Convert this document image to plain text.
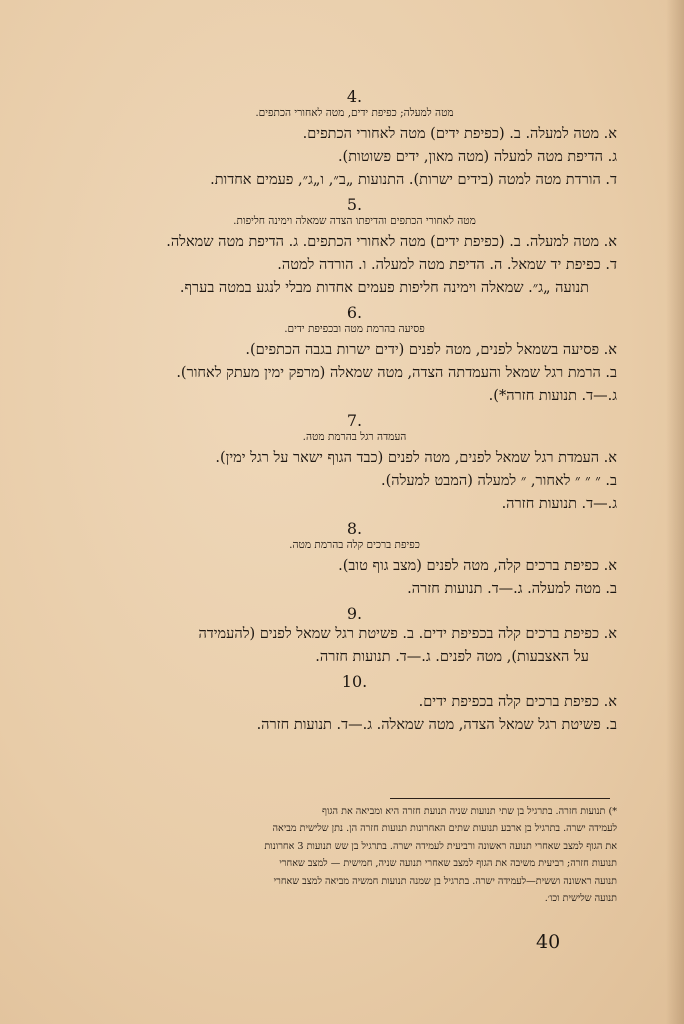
.4
מטה למעלה; כפיפת ידים, מטה לאחורי הכתפים.
א. מטה למעלה. ב. (כפיפת ידים) מטה לאחורי הכתפים.
ג. הדיפת מטה למעלה (מטה מאון, ידים פשוטות).
ד. הורדת מטה למטה (בידים ישרות). התנועות „ב״, ו„ג״, פעמים אחדות.
.5
מטה לאחורי הכתפים והדיפתו הצדה שמאלה וימינה חליפות.
א. מטה למעלה. ב. (כפיפת ידים) מטה לאחורי הכתפים. ג. הדיפת מטה שמאלה.
ד. כפיפת יד שמאל. ה. הדיפת מטה למעלה. ו. הורדה למטה.
תנועה „ג״. שמאלה וימינה חליפות פעמים אחדות מבלי לנגע במטה בערף.
.6
פסיעה בהרמת מטה ובכפיפת ידים.
א. פסיעה בשמאל לפנים, מטה לפנים (ידים ישרות בגבה הכתפים).
ב. הרמת רגל שמאל והעמדתה הצדה, מטה שמאלה (מרפק ימין מעתק לאחור).
ג.—ד. תנועות חזרה*).
.7
העמדה רגל בהרמת מטה.
א. העמדת רגל שמאל לפנים, מטה לפנים (כבד הגוף ישאר על רגל ימין).
ב. ״ ״ ״ לאחור, ״ למעלה (המבט למעלה).
ג.—ד. תנועות חזרה.
.8
כפיפת ברכים קלה בהרמת מטה.
א. כפיפת ברכים קלה, מטה לפנים (מצב גוף טוב).
ב. מטה למעלה. ג.—ד. תנועות חזרה.
.9
א. כפיפת ברכים קלה בכפיפת ידים. ב. פשיטת רגל שמאל לפנים (להעמידה
על האצבעות), מטה לפנים. ג.—ד. תנועות חזרה.
.10
א. כפיפת ברכים קלה בכפיפת ידים.
ב. פשיטת רגל שמאל הצדה, מטה שמאלה. ג.—ד. תנועות חזרה.
*) תנועות חזרה. בתרגיל בן שתי תנועות שניה תנועת חזרה היא ומביאה את הגוף
לעמידה ישרה. בתרגיל בן ארבע תנועות שתים האחרונות תנועות חזרה הן. נתן שלישית מביאה
את הגוף למצב שאחרי תנועה ראשונה ורביעית לעמידה ישרה. בתרגיל בן שש תנועות 3 אחרונות
תנועות חזרה; רביעית משיבה את הגוף למצב שאחרי תנועה שניה, חמישית — למצב שאחרי
תנועה ראשונה וששית—לעמידה ישרה. בתרגיל בן שמנה תנועות חמשיה מביאה למצב שאחרי
תנועה שלישית וכו׳.
40
